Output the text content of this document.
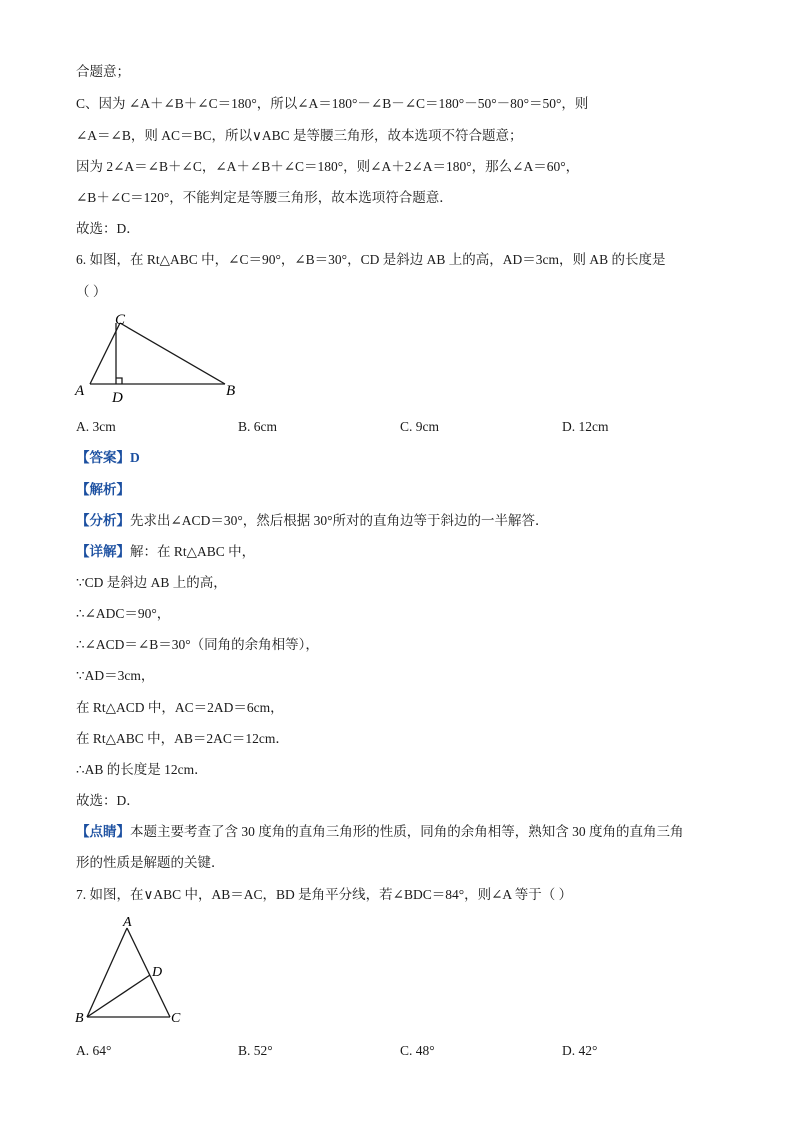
合题意；
C、因为 ∠A＋∠B＋∠C＝180°，所以∠A＝180°－∠B－∠C＝180°－50°－80°＝50°，则
∠A＝∠B，则 AC＝BC，所以∨ABC 是等腰三角形，故本选项不符合题意；
因为 2∠A＝∠B＋∠C，∠A＋∠B＋∠C＝180°，则∠A＋2∠A＝180°，那么∠A＝60°，
∠B＋∠C＝120°，不能判定是等腰三角形，故本选项符合题意．
故选：D．
6. 如图，在 Rt△ABC 中，∠C＝90°，∠B＝30°，CD 是斜边 AB 上的高，AD＝3cm，则 AB 的长度是
（ ）
C
A D	B
A. 3cm	B. 6cm	C. 9cm	D. 12cm
【答案】D
【解析】
【分析】先求出∠ACD＝30°，然后根据 30°所对的直角边等于斜边的一半解答．
【详解】解：在 Rt△ABC 中，
∵CD 是斜边 AB 上的高，
∴∠ADC＝90°，
∴∠ACD＝∠B＝30°（同角的余角相等），
∵AD＝3cm，
在 Rt△ACD 中，AC＝2AD＝6cm，
在 Rt△ABC 中，AB＝2AC＝12cm．
∴AB 的长度是 12cm．
故选：D．
【点睛】本题主要考查了含 30 度角的直角三角形的性质，同角的余角相等，熟知含 30 度角的直角三角
形的性质是解题的关键．
7. 如图，在∨ABC 中，AB＝AC，BD 是角平分线，若∠BDC＝84°，则∠A 等于（ ）
A
D
B	C
A. 64°	B. 52°	C. 48°	D. 42°
